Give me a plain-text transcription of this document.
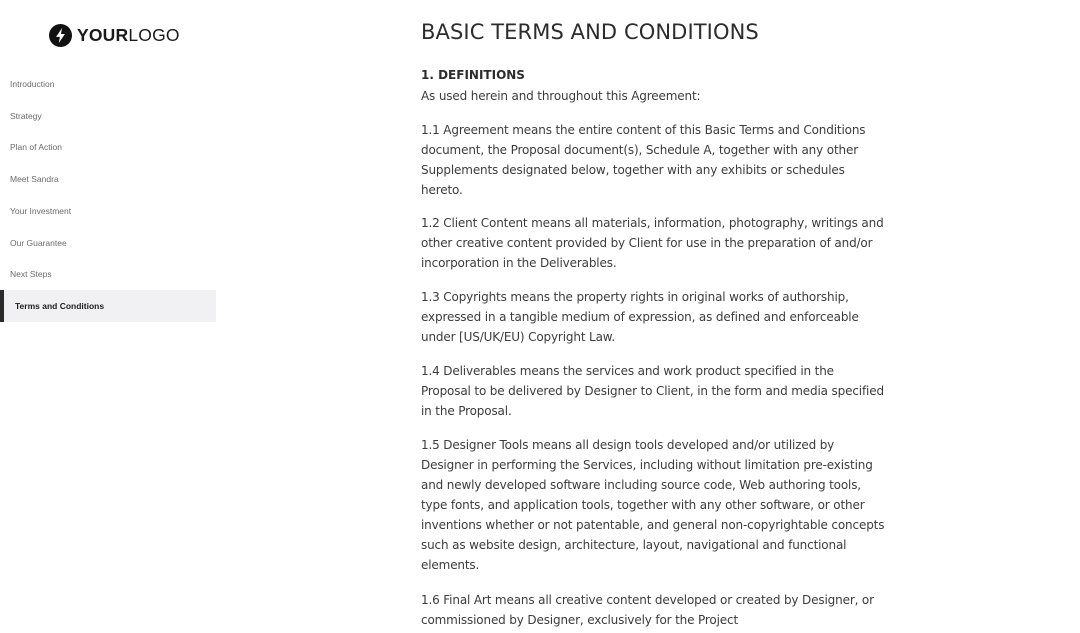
YOURLOGO
Introduction
Strategy
Plan of Action
Meet Sandra
Your Investment
Our Guarantee
Next Steps
Terms and Conditions
BASIC TERMS AND CONDITIONS
1. DEFINITIONS

As used herein and throughout this Agreement:

1.1 Agreement means the entire content of this Basic Terms and Conditions
document, the Proposal document(s), Schedule A, together with any other
Supplements designated below, together with any exhibits or schedules
hereto.

1.2 Client Content means all materials, information, photography, writings and
other creative content provided by Client for use in the preparation of and/or
incorporation in the Deliverables.

1.3 Copyrights means the property rights in original works of authorship,
expressed in a tangible medium of expression, as defined and enforceable
under [US/UK/EU) Copyright Law.

1.4 Deliverables means the services and work product specified in the
Proposal to be delivered by Designer to Client, in the form and media specified
in the Proposal.

1.5 Designer Tools means all design tools developed and/or utilized by
Designer in performing the Services, including without limitation pre-existing
and newly developed software including source code, Web authoring tools,
type fonts, and application tools, together with any other software, or other
inventions whether or not patentable, and general non-copyrightable concepts
such as website design, architecture, layout, navigational and functional
elements.

1.6 Final Art means all creative content developed or created by Designer, or
commissioned by Designer, exclusively for the Project
